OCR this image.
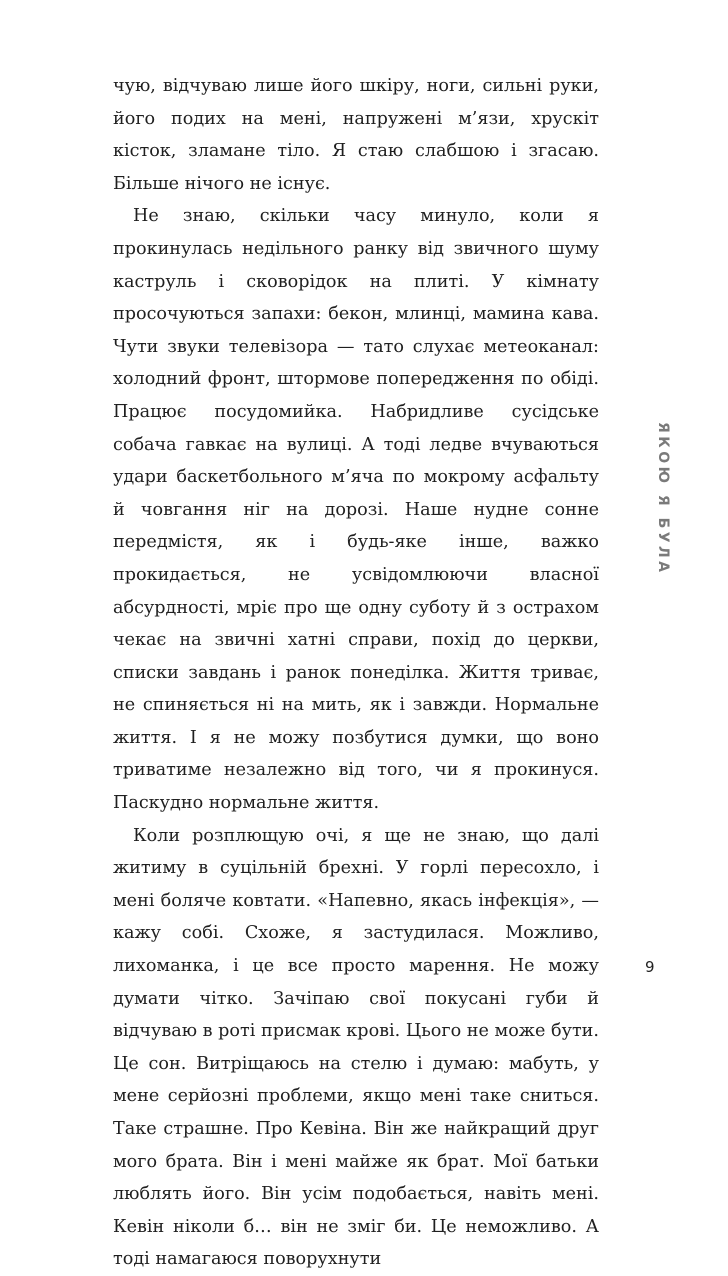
чую, відчуваю лише його шкіру, ноги, сильні руки, його подих на мені, напружені м’язи, хрускіт кісток, зламане тіло. Я стаю слабшою і згасаю. Більше нічого не існує.

Не знаю, скільки часу минуло, коли я прокинулась недільного ранку від звичного шуму каструль і сковорідок на плиті. У кімнату просочуються запахи: бекон, млинці, мамина кава. Чути звуки телевізора — тато слухає метеоканал: холодний фронт, штормове попередження по обіді. Працює посудомийка. Набридливе сусідське собача гавкає на вулиці. А тоді ледве вчуваються удари баскетбольного м’яча по мокрому асфальту й човгання ніг на дорозі. Наше нудне сонне передмістя, як і будь-яке інше, важко прокидається, не усвідомлюючи власної абсурдності, мріє про ще одну суботу й з острахом чекає на звичні хатні справи, похід до церкви, списки завдань і ранок понеділка. Життя триває, не спиняється ні на мить, як і завжди. Нормальне життя. І я не можу позбутися думки, що воно триватиме незалежно від того, чи я прокинуся. Паскудно нормальне життя.

Коли розплющую очі, я ще не знаю, що далі житиму в суцільній брехні. У горлі пересохло, і мені боляче ковтати. «Напевно, якась інфекція», — кажу собі. Схоже, я застудилася. Можливо, лихоманка, і це все просто марення. Не можу думати чітко. Зачіпаю свої покусані губи й відчуваю в роті присмак крові. Цього не може бути. Це сон. Витріщаюсь на стелю і думаю: мабуть, у мене серйозні проблеми, якщо мені таке сниться. Таке страшне. Про Кевіна. Він же найкращий друг мого брата. Він і мені майже як брат. Мої батьки люблять його. Він усім подобається, навіть мені. Кевін ніколи б… він не зміг би. Це неможливо. А тоді намагаюся поворухнути

ЯКОЮ Я БУЛА
9
